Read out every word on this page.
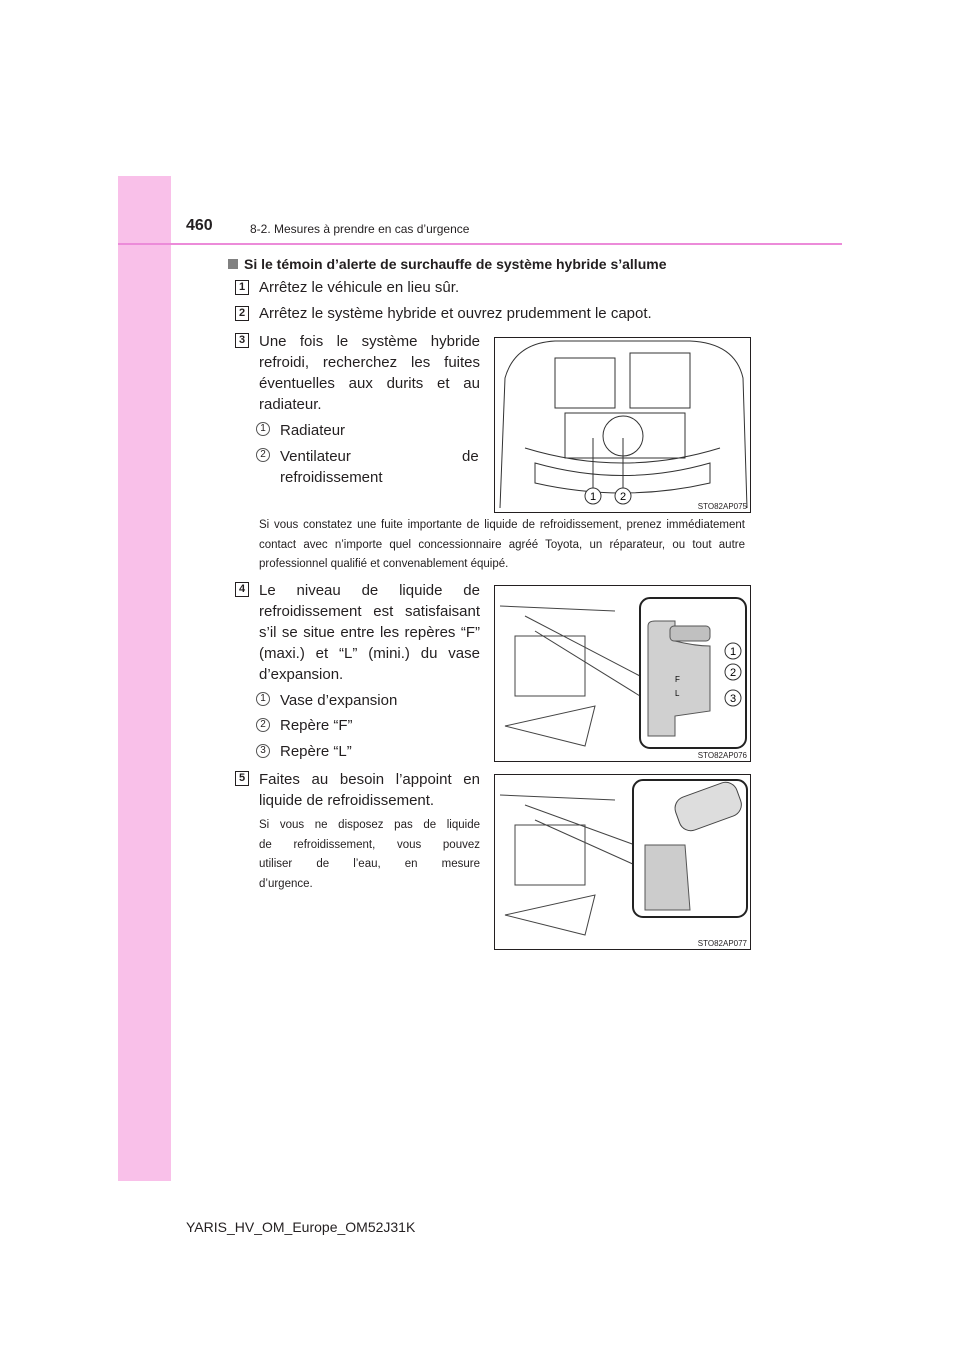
460	8-2. Mesures à prendre en cas d’urgence
Si le témoin d’alerte de surchauffe de système hybride s’allume
1 Arrêtez le véhicule en lieu sûr.
2 Arrêtez le système hybride et ouvrez prudemment le capot.
3 Une fois le système hybride
refroidi, recherchez les fuites
éventuelles aux durits et au
radiateur.
1 Radiateur
2 Ventilateur	de
refroidissement
1 2
STO82AP075
Si vous constatez une fuite importante de liquide de refroidissement, prenez immédiatement contact avec n’importe quel concessionnaire agréé Toyota, un réparateur, ou tout autre professionnel qualifié et convenablement équipé.
4 Le niveau de liquide de
refroidissement est satisfaisant
s’il se situe entre les repères “F”
(maxi.) et “L” (mini.) du vase
d’expansion.
1 Vase d’expansion
2 Repère “F”
3 Repère “L”
F
L
1
2
3
STO82AP076
5 Faites au besoin l’appoint en
liquide de refroidissement.
Si vous ne disposez pas de liquide
de refroidissement, vous pouvez
utiliser de l’eau, en mesure
d’urgence.
STO82AP077
YARIS_HV_OM_Europe_OM52J31K
